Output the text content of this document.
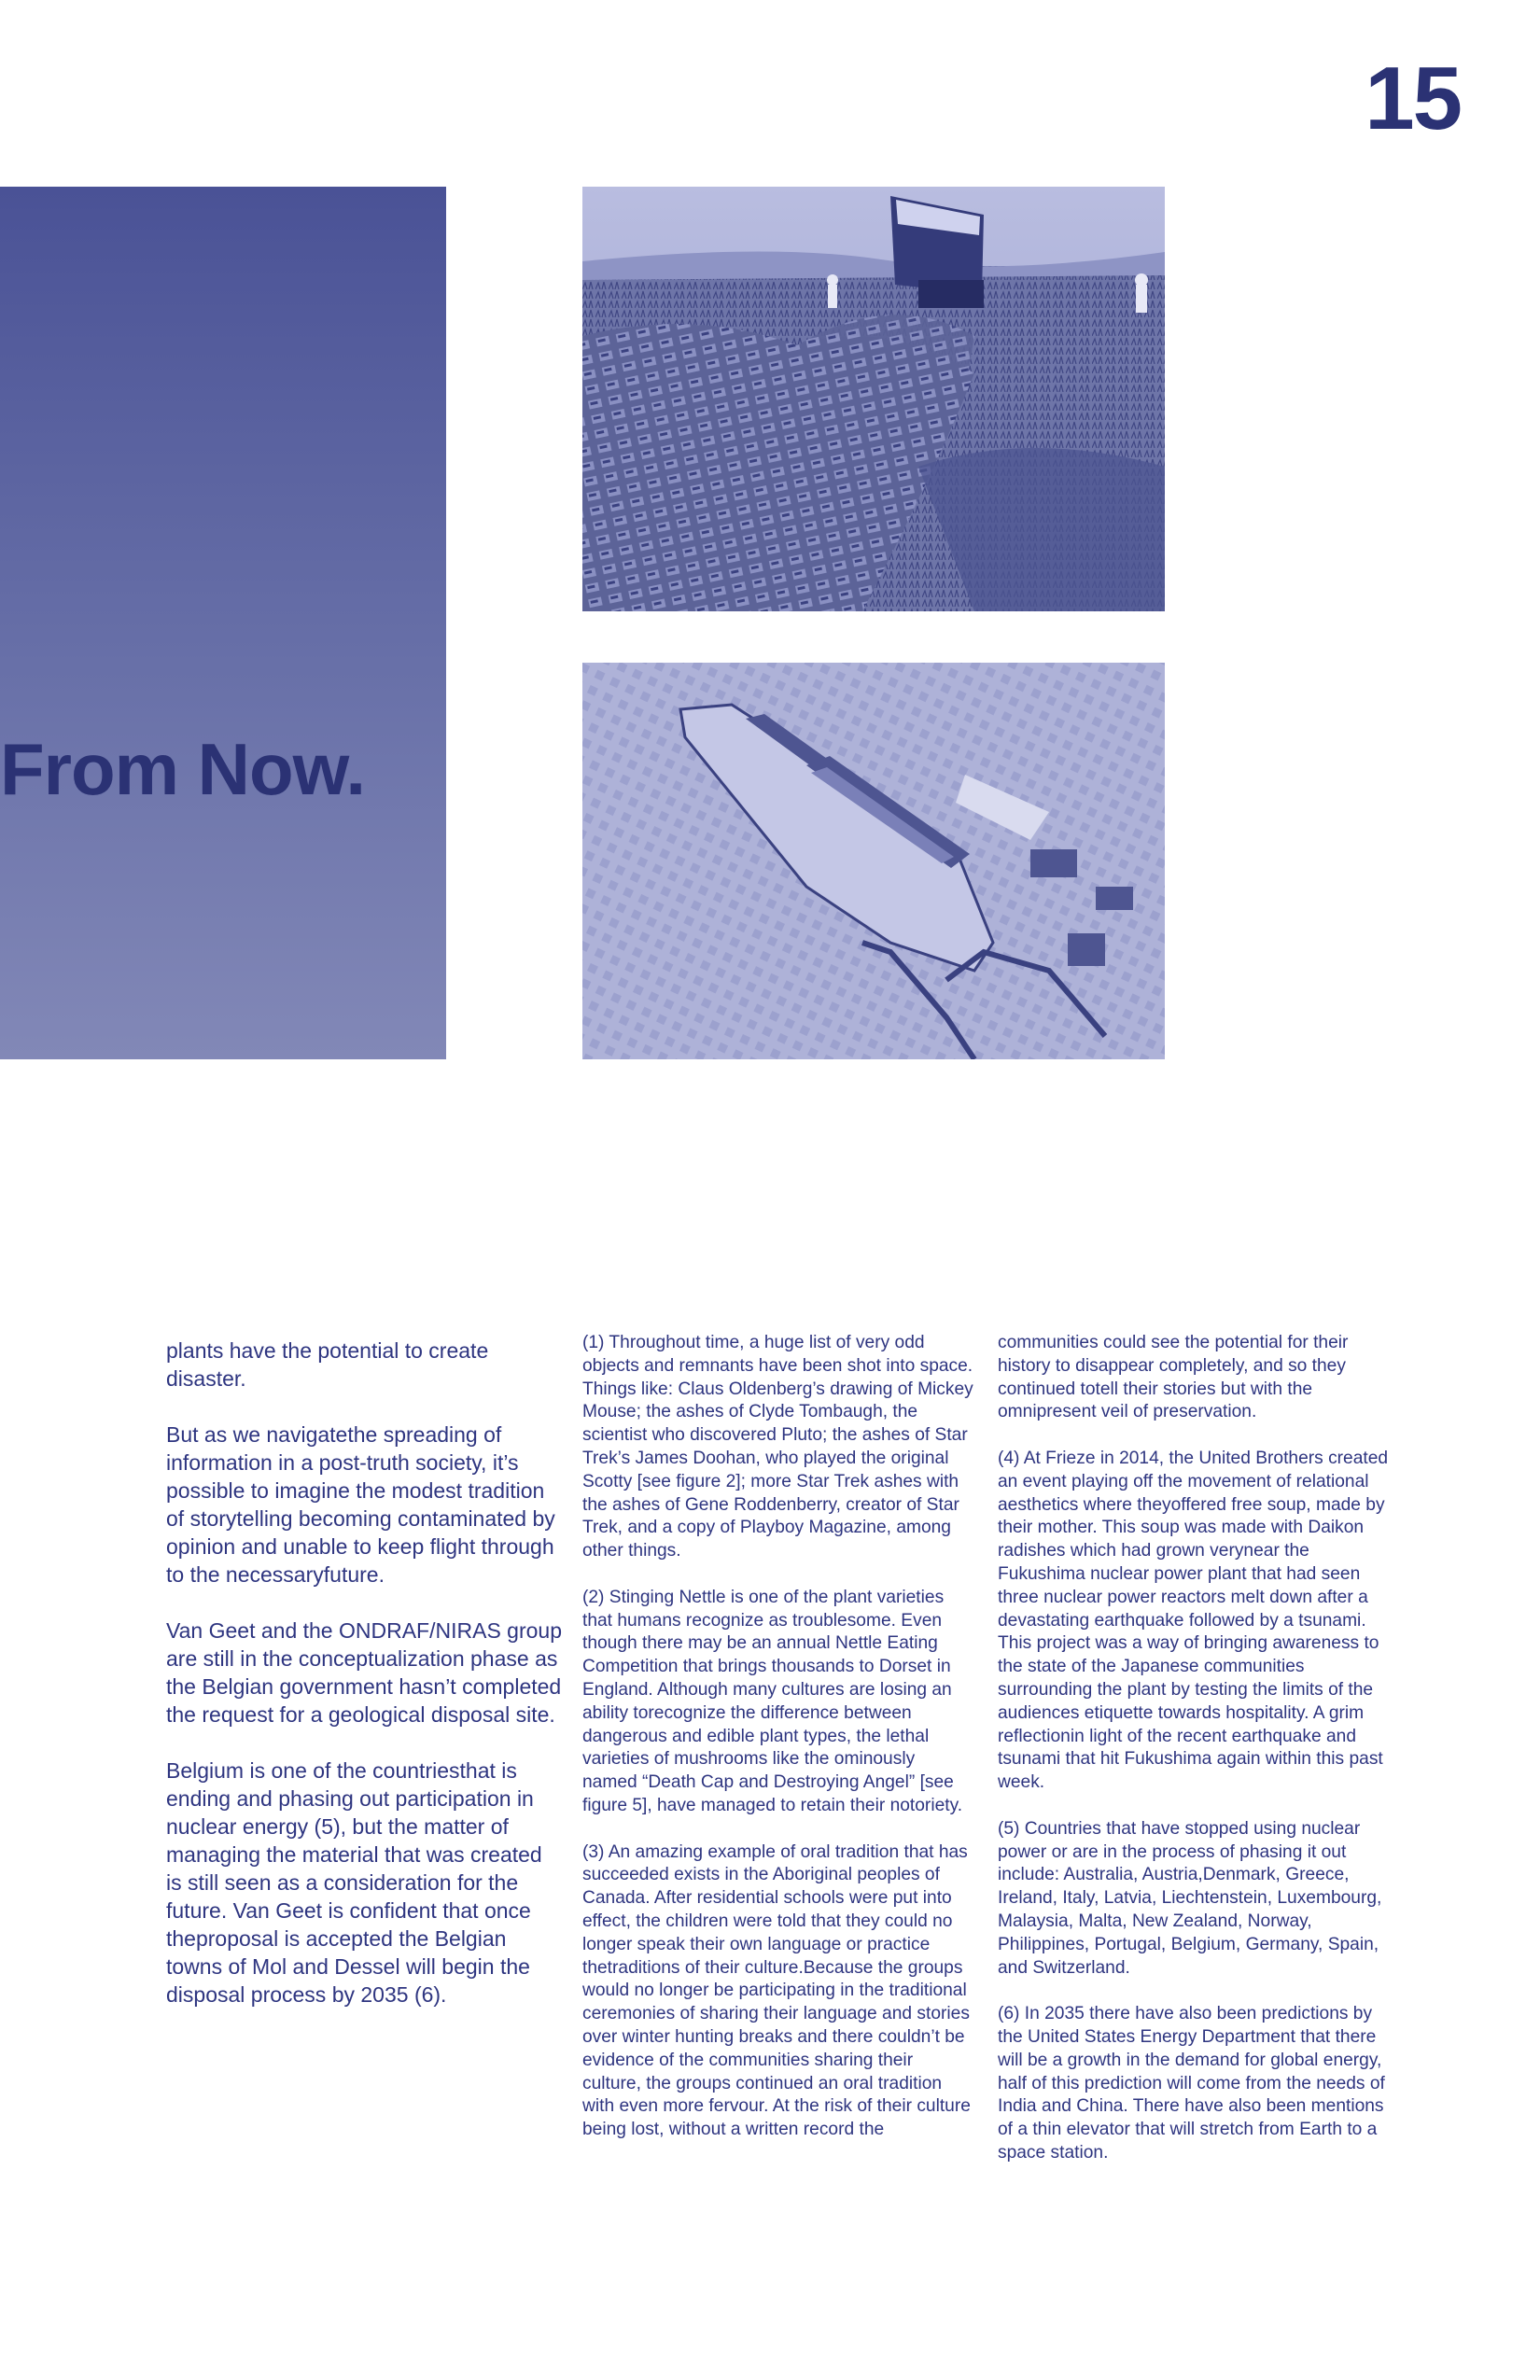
15
From Now.

plants have the potential to create disaster.

But as we navigatethe spreading of information in a post-truth society, it’s possible to imagine the modest tradition of storytelling becoming contaminated by opinion and unable to keep flight through to the necessaryfuture.

Van Geet and the ONDRAF/NIRAS group are still in the conceptualization phase as the Belgian government hasn’t completed the request for a geological disposal site.

Belgium is one of the countriesthat is ending and phasing out participation in nuclear energy (5), but the matter of managing the material that was created is still seen as a consideration for the future. Van Geet is confident that once theproposal is accepted the Belgian towns of Mol and Dessel will begin the disposal process by 2035 (6).

(1) Throughout time, a huge list of very odd objects and remnants have been shot into space. Things like: Claus Oldenberg’s drawing of Mickey Mouse; the ashes of Clyde Tombaugh, the scientist who discovered Pluto; the ashes of Star Trek’s James Doohan, who played the original Scotty [see figure 2]; more Star Trek ashes with the ashes of Gene Roddenberry, creator of Star Trek, and a copy of Playboy Magazine, among other things.

(2) Stinging Nettle is one of the plant varieties that humans recognize as troublesome. Even though there may be an annual Nettle Eating Competition that brings thousands to Dorset in England. Although many cultures are losing an ability torecognize the difference between dangerous and edible plant types, the lethal varieties of mushrooms like the ominously named “Death Cap and Destroying Angel” [see figure 5], have managed to retain their notoriety.

(3) An amazing example of oral tradition that has succeeded exists in the Aboriginal peoples of Canada. After residential schools were put into effect, the children were told that they could no longer speak their own language or practice thetraditions of their culture.Because the groups would no longer be participating in the traditional ceremonies of sharing their language and stories over winter hunting breaks and there couldn’t be evidence of the communities sharing their culture, the groups continued an oral tradition with even more fervour. At the risk of their culture being lost, without a written record the

communities could see the potential for their history to disappear completely, and so they continued totell their stories but with the omnipresent veil of preservation.

(4) At Frieze in 2014, the United Brothers created an event playing off the movement of relational aesthetics where theyoffered free soup, made by their mother. This soup was made with Daikon radishes which had grown verynear the Fukushima nuclear power plant that had seen three nuclear power reactors melt down after a devastating earthquake followed by a tsunami. This project was a way of bringing awareness to the state of the Japanese communities surrounding the plant by testing the limits of the audiences etiquette towards hospitality. A grim reflectionin light of the recent earthquake and tsunami that hit Fukushima again within this past week.

(5) Countries that have stopped using nuclear power or are in the process of phasing it out include: Australia, Austria,Denmark, Greece, Ireland, Italy, Latvia, Liechtenstein, Luxembourg, Malaysia, Malta, New Zealand, Norway, Philippines, Portugal, Belgium, Germany, Spain, and Switzerland.

(6) In 2035 there have also been predictions by the United States Energy Department that there will be a growth in the demand for global energy, half of this prediction will come from the needs of India and China. There have also been mentions of a thin elevator that will stretch from Earth to a space station.
